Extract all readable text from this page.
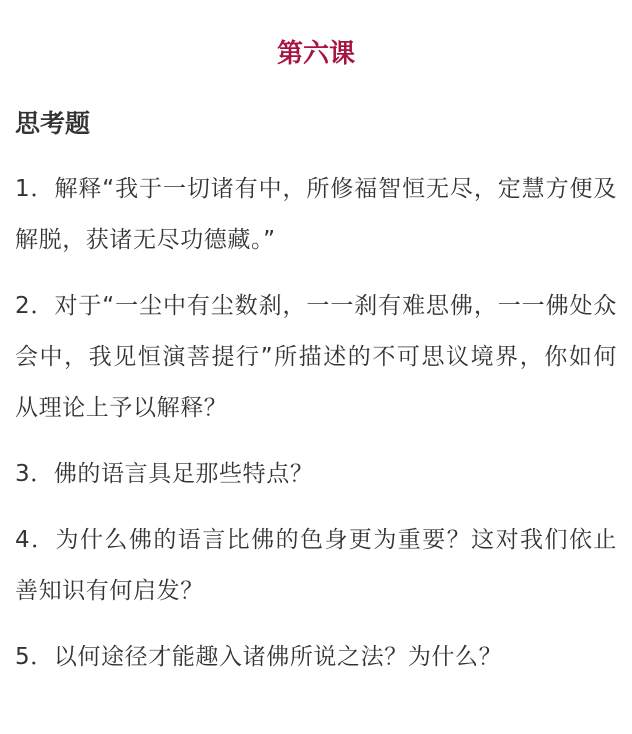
第六课
思考题

1．解释“我于一切诸有中，所修福智恒无尽，定慧方便及解脱，获诸无尽功德藏。”

2．对于“一尘中有尘数刹，一一刹有难思佛，一一佛处众会中，我见恒演菩提行”所描述的不可思议境界，你如何从理论上予以解释？

3．佛的语言具足那些特点？

4．为什么佛的语言比佛的色身更为重要？这对我们依止善知识有何启发？

5．以何途径才能趣入诸佛所说之法？为什么？
